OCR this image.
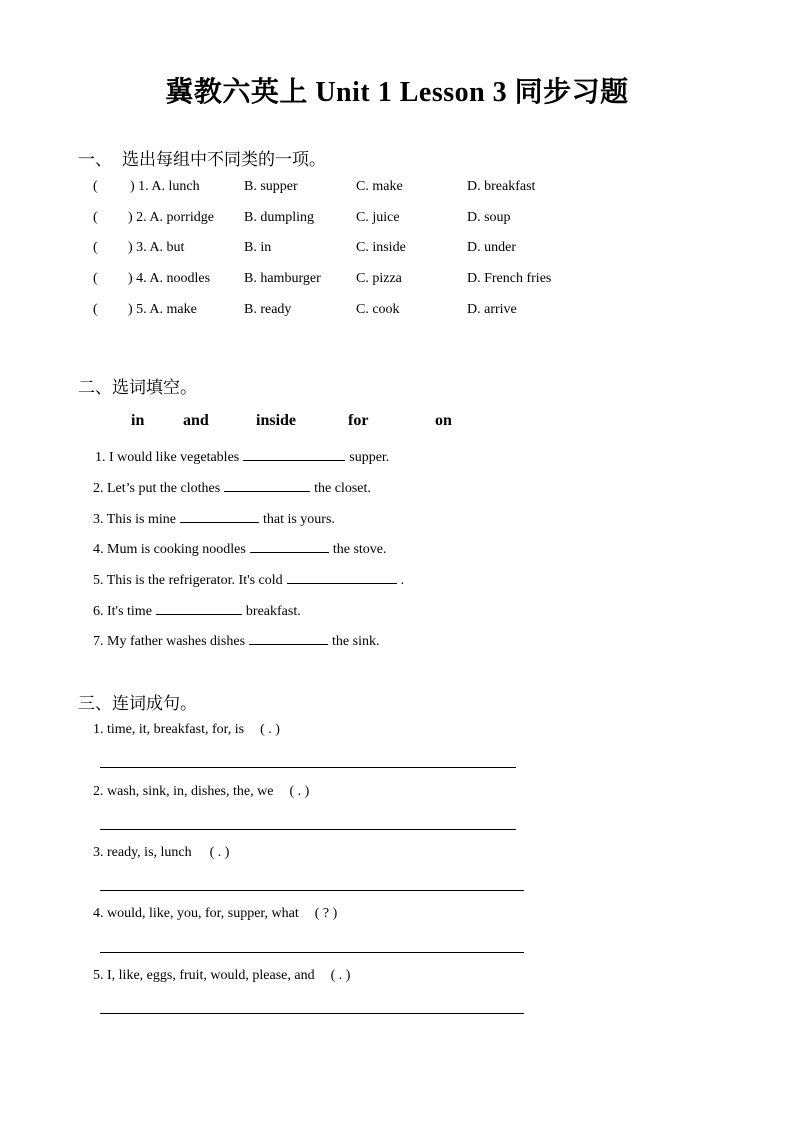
冀教六英上 Unit 1 Lesson 3 同步习题
一、 选出每组中不同类的一项。
( ) 1. A. lunch	B. supper	C. make	D. breakfast
( ) 2. A. porridge B. dumpling	C. juice	D. soup
( ) 3. A. but	B. in	C. inside	D. under
( ) 4. A. noodles B. hamburger	C. pizza	D. French fries
( ) 5. A. make	B. ready	C. cook	D. arrive
二、选词填空。
in and	inside	for	on
1. I would like vegetables	supper.
2. Let’s put the clothes	the closet.
3. This is mine	that is yours.
4. Mum is cooking noodles	the stove.
5. This is the refrigerator. It's cold	.
6. It's time	breakfast.
7. My father washes dishes	the sink.
三、连词成句。
1. time, it, breakfast, for, is ( . )
2. wash, sink, in, dishes, the, we ( . )
3. ready, is, lunch ( . )
4. would, like, you, for, supper, what ( ? )
5. I, like, eggs, fruit, would, please, and ( . )
